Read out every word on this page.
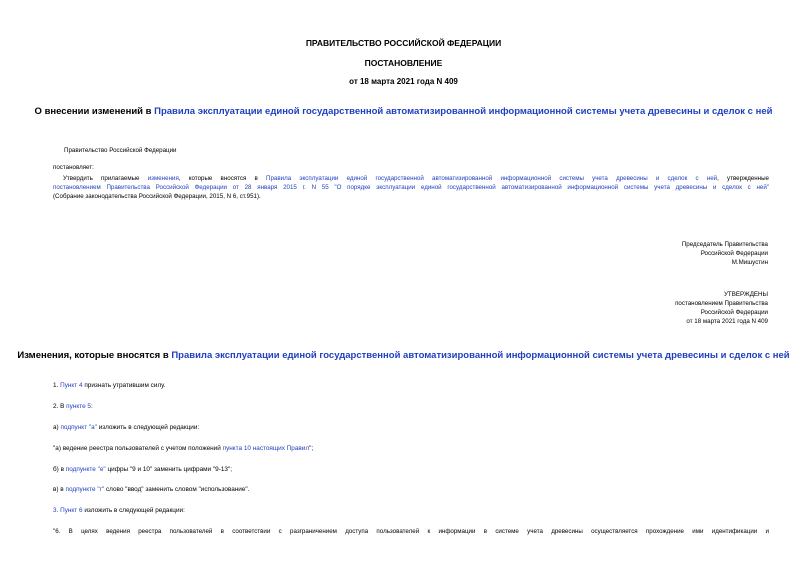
ПРАВИТЕЛЬСТВО РОССИЙСКОЙ ФЕДЕРАЦИИ
ПОСТАНОВЛЕНИЕ
от 18 марта 2021 года N 409
О внесении изменений в Правила эксплуатации единой государственной автоматизированной информационной системы учета древесины и сделок с ней
Правительство Российской Федерации
постановляет:
Утвердить прилагаемые изменения, которые вносятся в Правила эксплуатации единой государственной автоматизированной информационной системы учета древесины и сделок с ней, утвержденные
постановлением Правительства Российской Федерации от 28 января 2015 г. N 55 "О порядке эксплуатации единой государственной автоматизированной информационной системы учета древесины и сделок с ней"
(Собрание законодательства Российской Федерации, 2015, N 6, ст.951).
Председатель Правительства
Российской Федерации
М.Мишустин
УТВЕРЖДЕНЫ
постановлением Правительства
Российской Федерации
от 18 марта 2021 года N 409
Изменения, которые вносятся в Правила эксплуатации единой государственной автоматизированной информационной системы учета древесины и сделок с ней
1. Пункт 4 признать утратившим силу.
2. В пункте 5:
а) подпункт "а" изложить в следующей редакции:
"а) ведение реестра пользователей с учетом положений пункта 10 настоящих Правил";
б) в подпункте "е" цифры "9 и 10" заменить цифрами "9-13";
в) в подпункте "г" слово "ввод" заменить словом "использование".
3. Пункт 6 изложить в следующей редакции:
"6. В целях ведения реестра пользователей в соответствии с разграничением доступа пользователей к информации в системе учета древесины осуществляется прохождение ими идентификации и
